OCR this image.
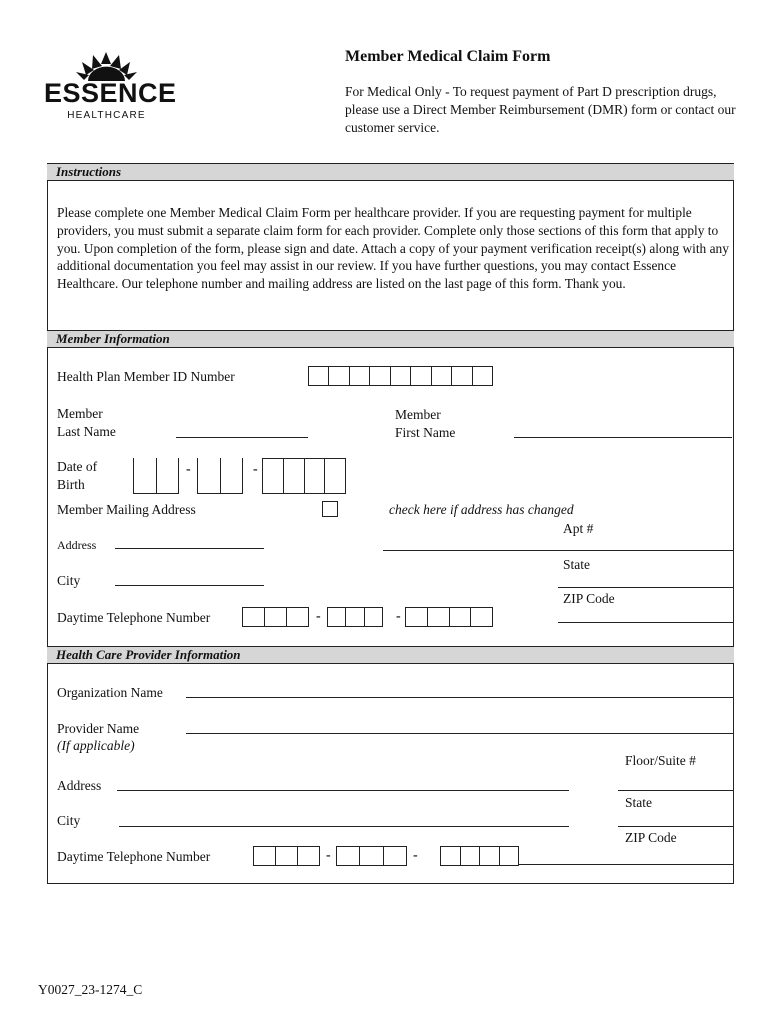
ESSENCE
HEALTHCARE
Member Medical Claim Form
For Medical Only - To request payment of Part D prescription drugs, please use a Direct Member Reimbursement (DMR) form or contact our customer service.
Instructions
Please complete one Member Medical Claim Form per healthcare provider. If you are requesting payment for multiple providers, you must submit a separate claim form for each provider. Complete only those sections of this form that apply to you. Upon completion of the form, please sign and date. Attach a copy of your payment verification receipt(s) along with any additional documentation you feel may assist in our review. If you have further questions, you may contact Essence Healthcare. Our telephone number and mailing address are listed on the last page of this form. Thank you.
Member Information
Health Plan Member ID Number
Member
Last Name
Member
First Name
Date of
Birth
-	-
Member Mailing Address	check here if address has changed
Apt #
Address
State
City
ZIP Code
Daytime Telephone Number	-	-
Health Care Provider Information
Organization Name
Provider Name
(If applicable)
Floor/Suite #
Address
State
City
ZIP Code
Daytime Telephone Number	-	-
Y0027_23-1274_C
